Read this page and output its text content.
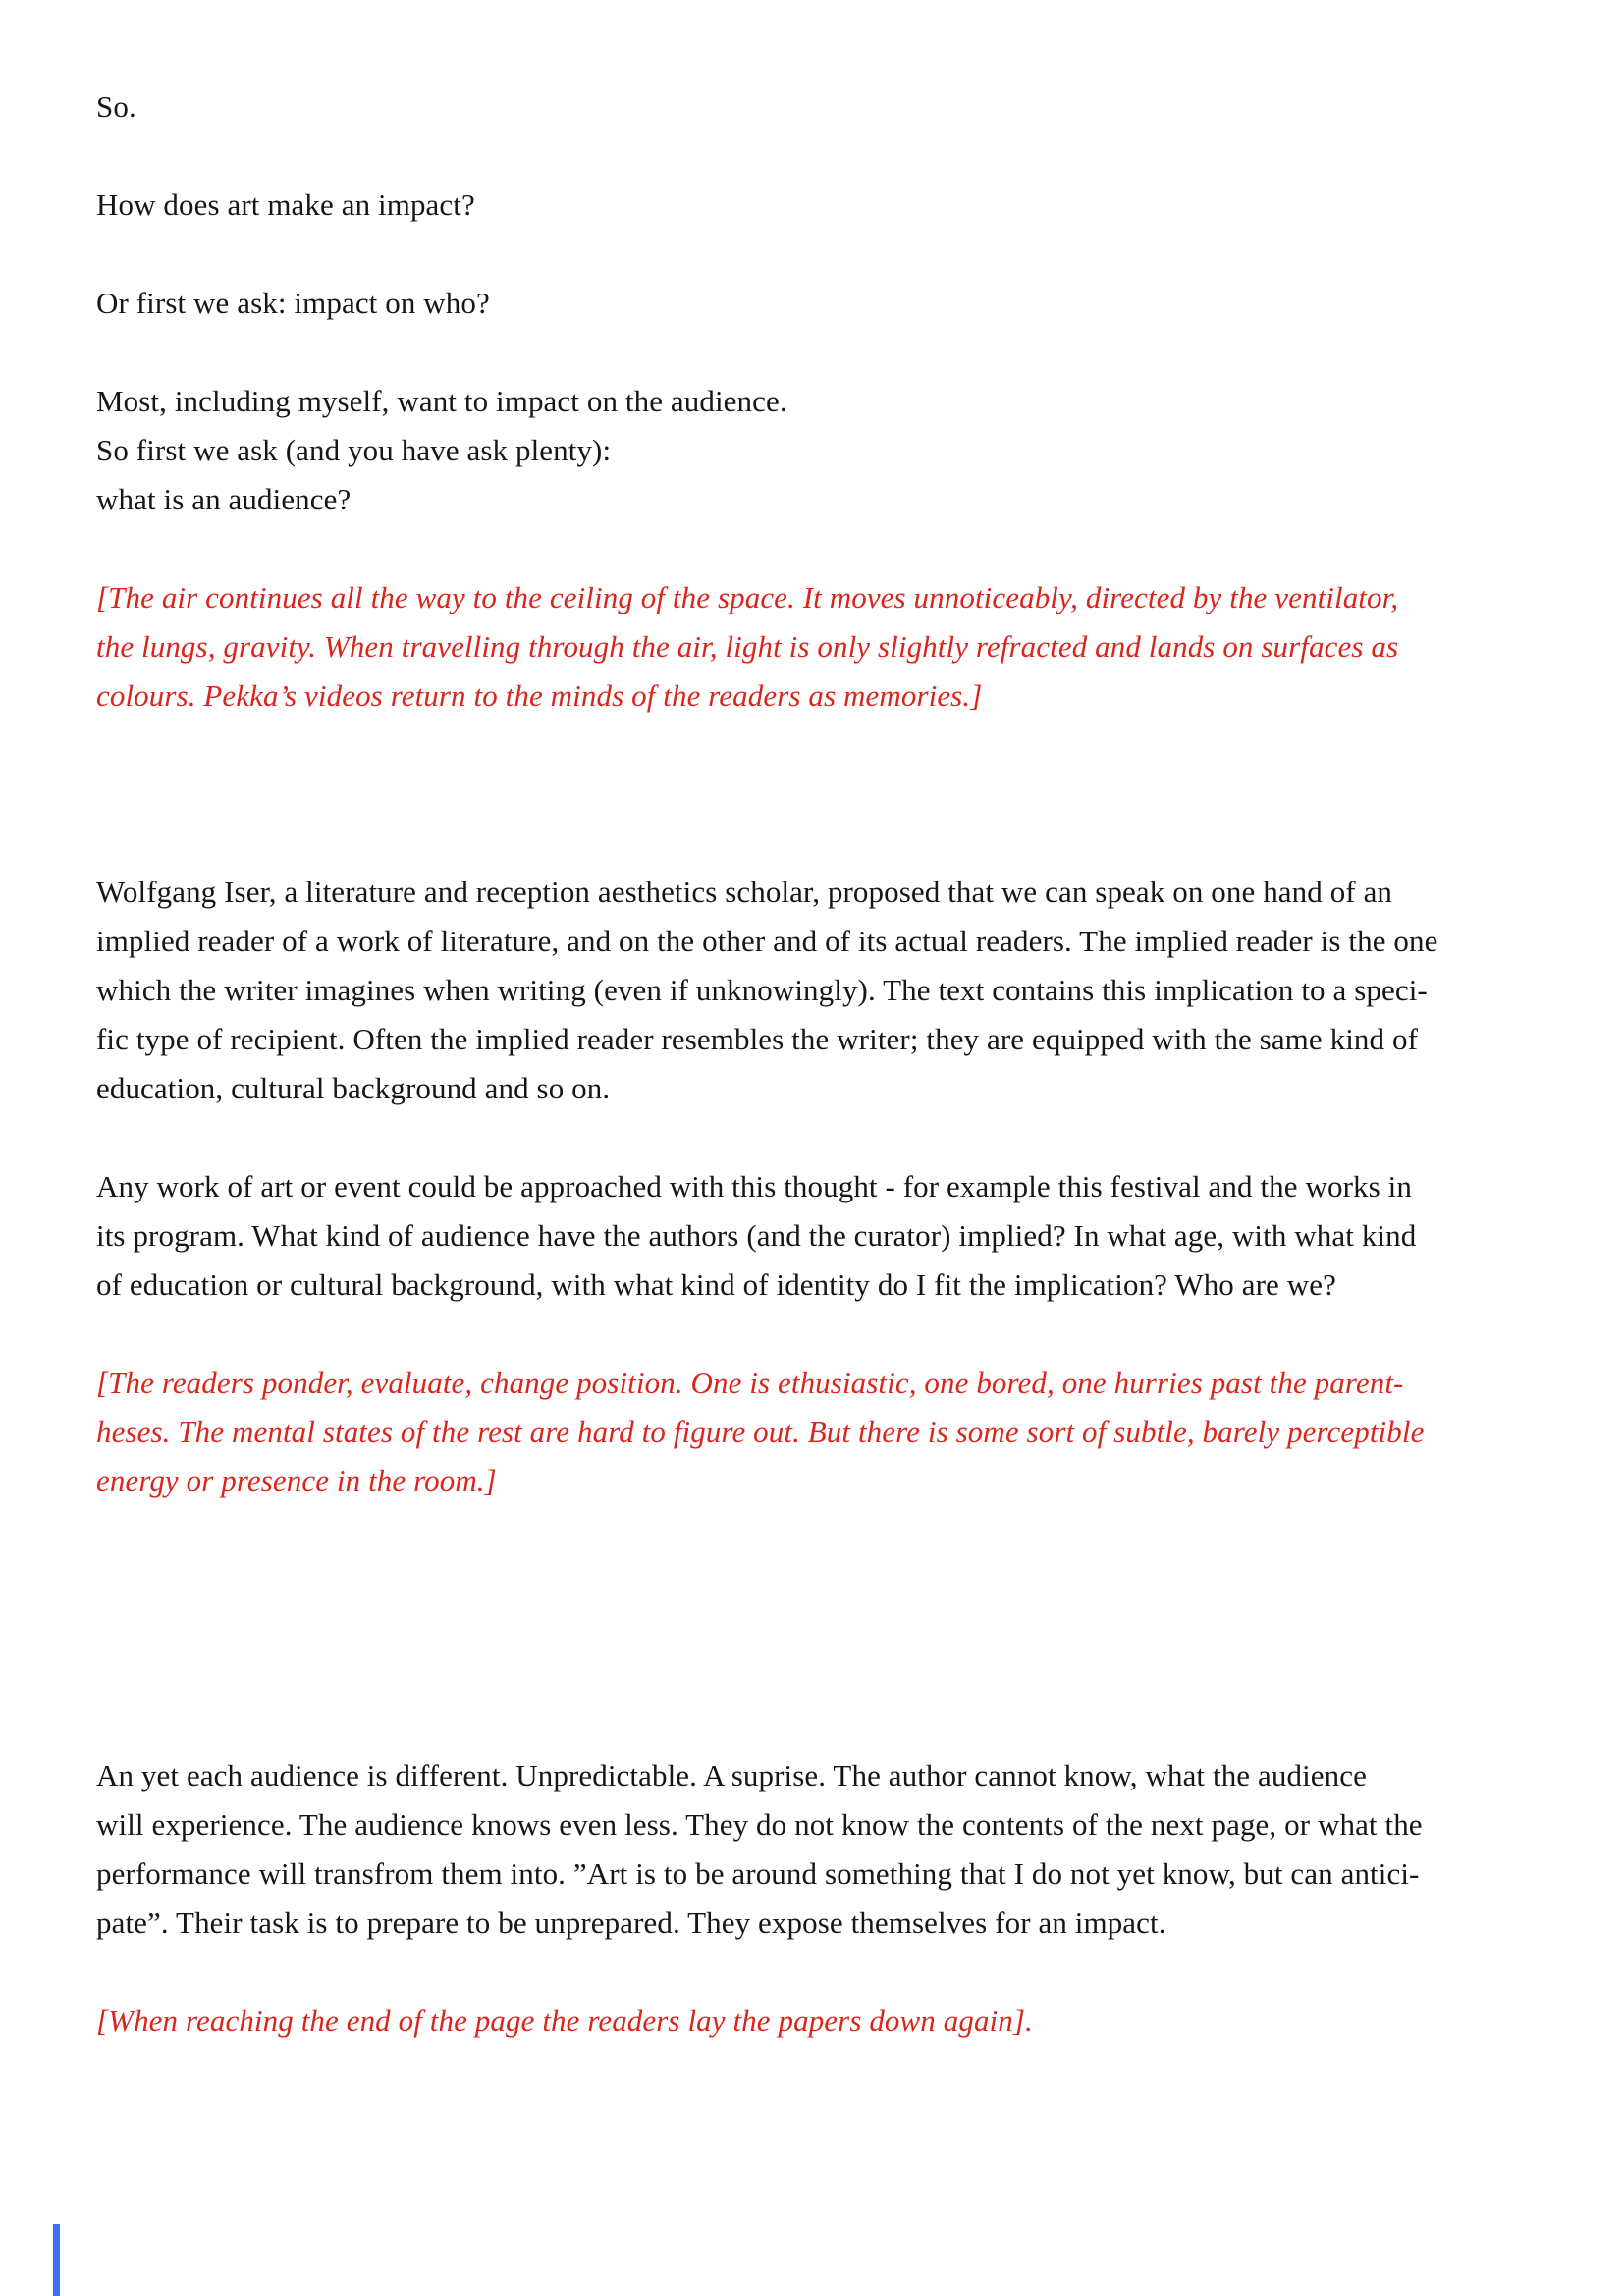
So.
How does art make an impact?
Or first we ask: impact on who?
Most, including myself, want to impact on the audience.
So first we ask (and you have ask plenty):
what is an audience?
[The air continues all the way to the ceiling of the space. It moves unnoticeably, directed by the ventilator,
the lungs, gravity. When travelling through the air, light is only slightly refracted and lands on surfaces as
colours. Pekka’s videos return to the minds of the readers as memories.]
Wolfgang Iser, a literature and reception aesthetics scholar, proposed that we can speak on one hand of an
implied reader of a work of literature, and on the other and of its actual readers. The implied reader is the one
which the writer imagines when writing (even if unknowingly). The text contains this implication to a speci-
fic type of recipient. Often the implied reader resembles the writer; they are equipped with the same kind of
education, cultural background and so on.
Any work of art or event could be approached with this thought - for example this festival and the works in
its program. What kind of audience have the authors (and the curator) implied? In what age, with what kind
of education or cultural background, with what kind of identity do I fit the implication? Who are we?
[The readers ponder, evaluate, change position. One is ethusiastic, one bored, one hurries past the parent-
heses. The mental states of the rest are hard to figure out. But there is some sort of subtle, barely perceptible
energy or presence in the room.]
An yet each audience is different. Unpredictable. A suprise. The author cannot know, what the audience
will experience. The audience knows even less. They do not know the contents of the next page, or what the
performance will transfrom them into. ”Art is to be around something that I do not yet know, but can antici-
pate”. Their task is to prepare to be unprepared. They expose themselves for an impact.
[When reaching the end of the page the readers lay the papers down again].
